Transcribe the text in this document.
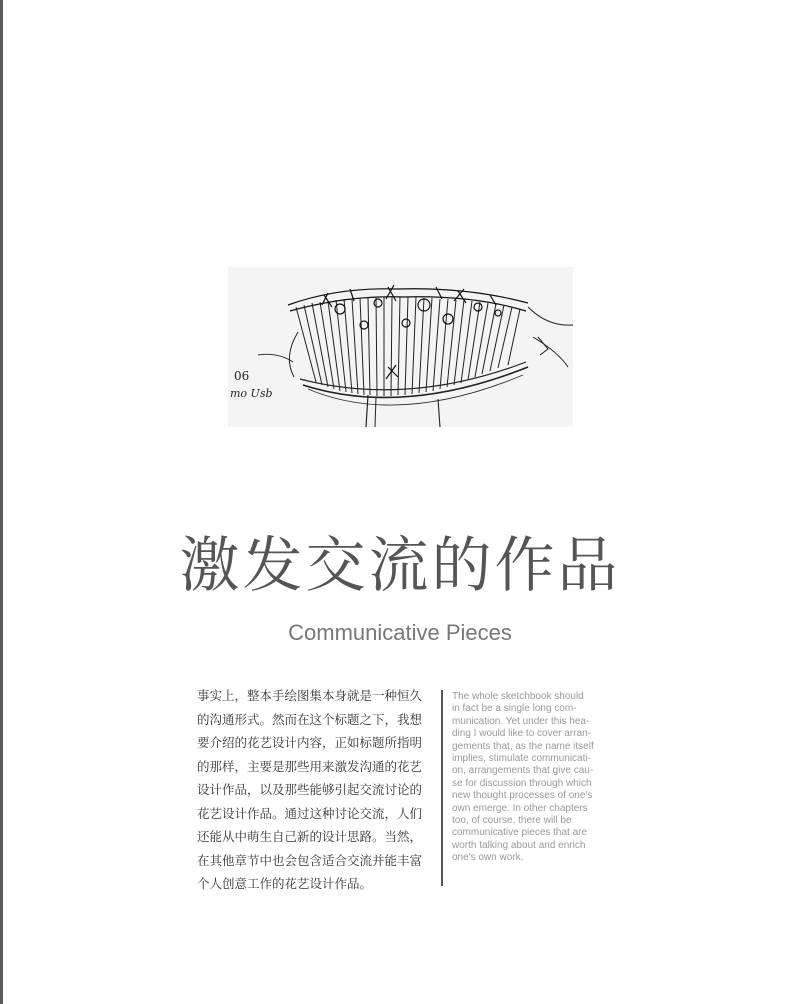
06
mo Usb
激发交流的作品
Communicative Pieces
事实上，整本手绘图集本身就是一种恒久
的沟通形式。然而在这个标题之下，我想
要介绍的花艺设计内容，正如标题所指明
的那样，主要是那些用来激发沟通的花艺
设计作品，以及那些能够引起交流讨论的
花艺设计作品。通过这种讨论交流，人们
还能从中萌生自己新的设计思路。当然，
在其他章节中也会包含适合交流并能丰富
个人创意工作的花艺设计作品。
The whole sketchbook should
in fact be a single long com-
munication. Yet under this hea-
ding I would like to cover arran-
gements that, as the name itself
implies, stimulate communicati-
on, arrangements that give cau-
se for discussion through which
new thought processes of one's
own emerge. In other chapters
too, of course, there will be
communicative pieces that are
worth talking about and enrich
one's own work.
